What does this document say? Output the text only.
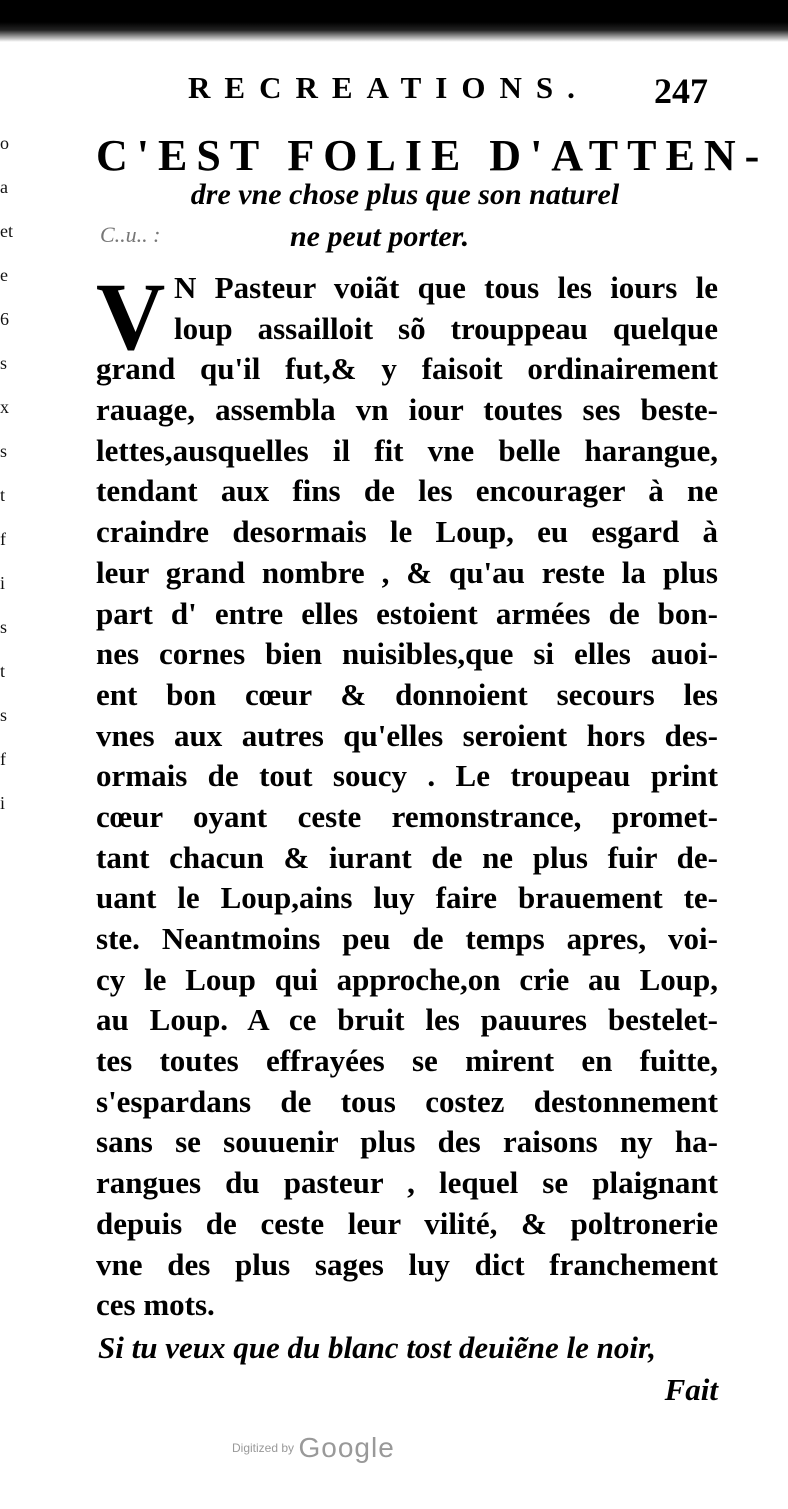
o
a
et
e
6
s
x
s
t
f
i
s
t
s
f
i
RECREATIONS. 247
C'EST FOLIE D'ATTEN-
C..u.. :
dre vne chose plus que son naturel
ne peut porter.
V N Pasteur voiãt que tous les iours le
loup assailloit sõ trouppeau quelque
grand qu'il fut,& y faisoit ordinairement
rauage, assembla vn iour toutes ses beste-
lettes,ausquelles il fit vne belle harangue,
tendant aux fins de les encourager à ne
craindre desormais le Loup, eu esgard à
leur grand nombre , & qu'au reste la plus
part d' entre elles estoient armées de bon-
nes cornes bien nuisibles,que si elles auoi-
ent bon cœur & donnoient secours les
vnes aux autres qu'elles seroient hors des-
ormais de tout soucy . Le troupeau print
cœur oyant ceste remonstrance, promet-
tant chacun & iurant de ne plus fuir de-
uant le Loup,ains luy faire brauement te-
ste. Neantmoins peu de temps apres, voi-
cy le Loup qui approche,on crie au Loup,
au Loup. A ce bruit les pauures bestelet-
tes toutes effrayées se mirent en fuitte,
s'espardans de tous costez destonnement
sans se souuenir plus des raisons ny ha-
rangues du pasteur , lequel se plaignant
depuis de ceste leur vilité, & poltronerie
vne des plus sages luy dict franchement
ces mots.
Si tu veux que du blanc tost deuiẽne le noir,
Fait
Digitized by Google
